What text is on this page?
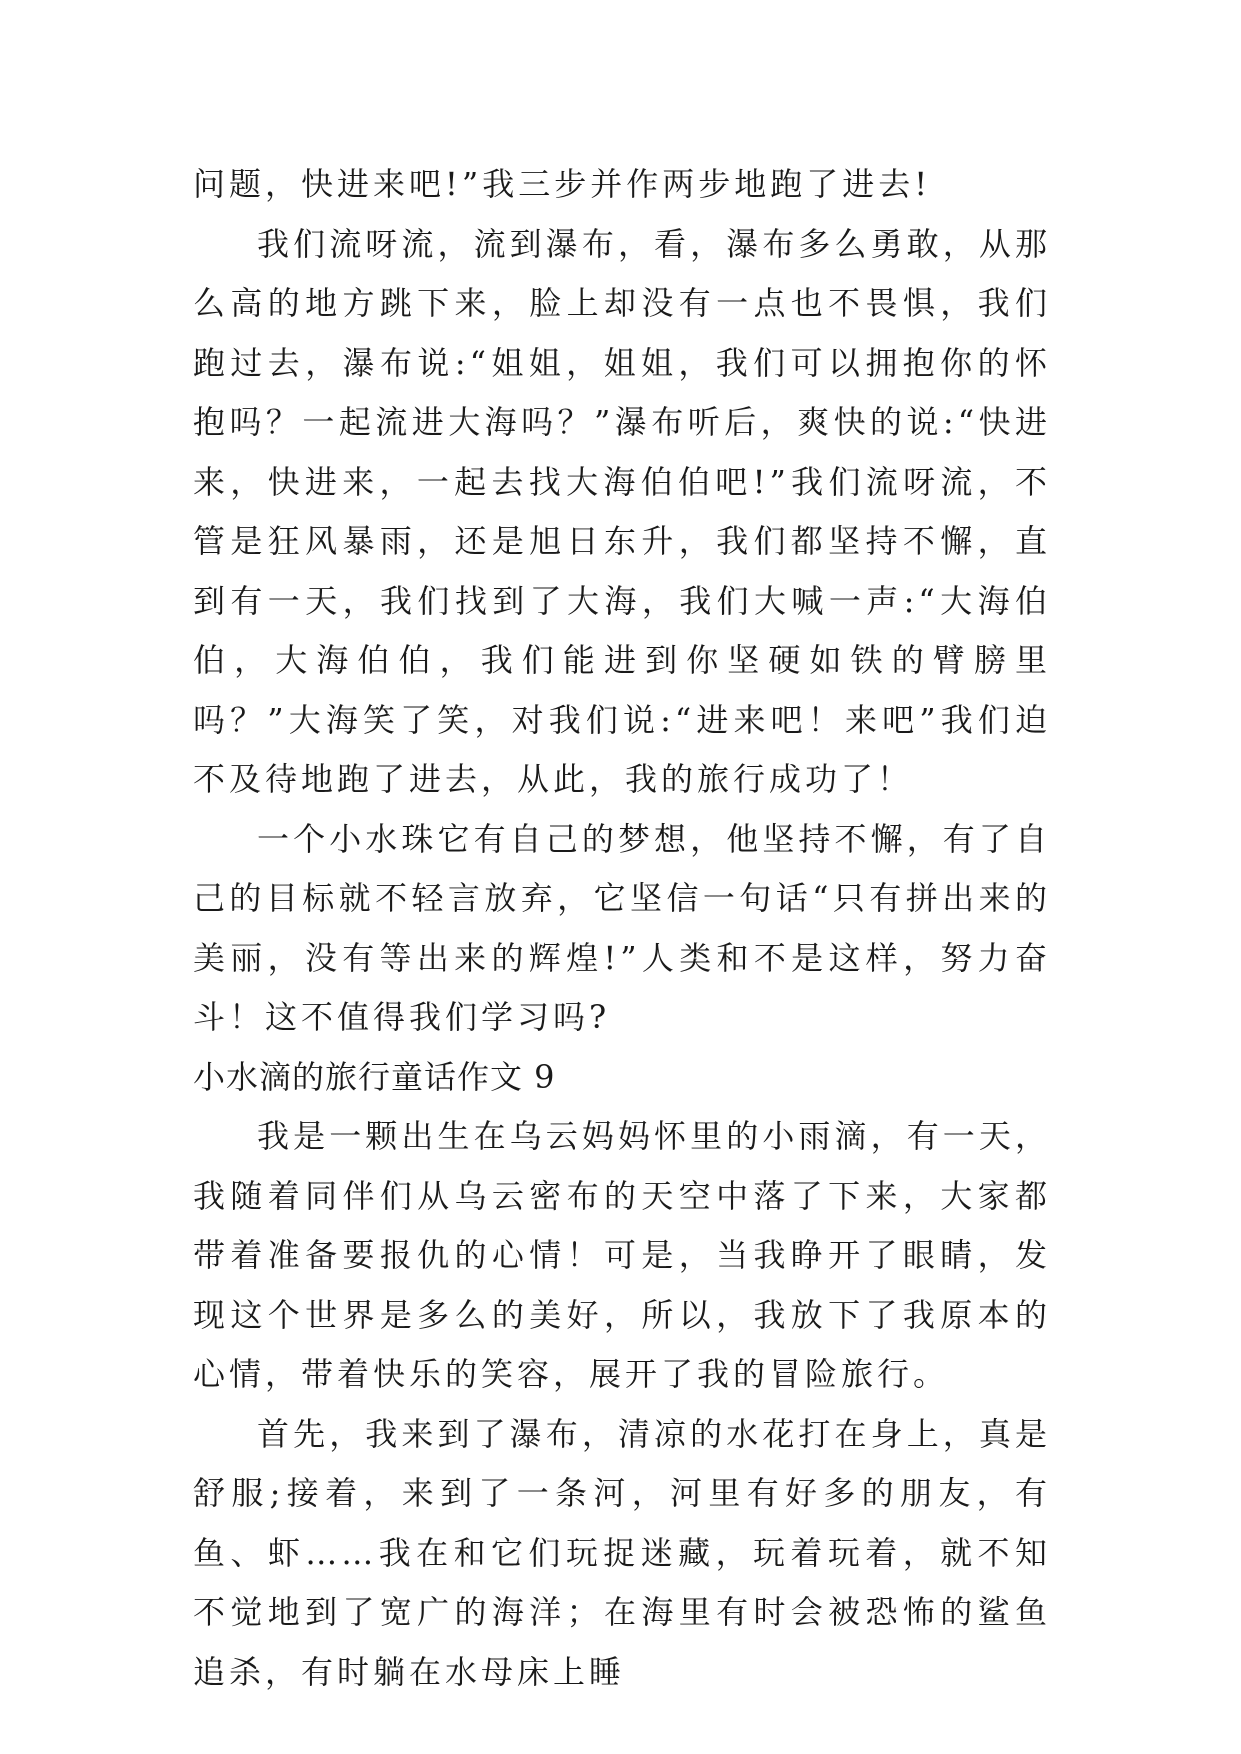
问题，快进来吧!”我三步并作两步地跑了进去!

我们流呀流，流到瀑布，看，瀑布多么勇敢，从那么高的地方跳下来，脸上却没有一点也不畏惧，我们跑过去，瀑布说:“姐姐，姐姐，我们可以拥抱你的怀抱吗？一起流进大海吗？”瀑布听后，爽快的说:“快进来，快进来，一起去找大海伯伯吧!”我们流呀流，不管是狂风暴雨，还是旭日东升，我们都坚持不懈，直到有一天，我们找到了大海，我们大喊一声:“大海伯伯，大海伯伯，我们能进到你坚硬如铁的臂膀里吗？”大海笑了笑，对我们说:“进来吧！来吧”我们迫不及待地跑了进去，从此，我的旅行成功了！

一个小水珠它有自己的梦想，他坚持不懈，有了自己的目标就不轻言放弃，它坚信一句话“只有拼出来的美丽，没有等出来的辉煌!”人类和不是这样，努力奋斗！这不值得我们学习吗?

小水滴的旅行童话作文 9

我是一颗出生在乌云妈妈怀里的小雨滴，有一天，我随着同伴们从乌云密布的天空中落了下来，大家都带着准备要报仇的心情！可是，当我睁开了眼睛，发现这个世界是多么的美好，所以，我放下了我原本的心情，带着快乐的笑容，展开了我的冒险旅行。

首先，我来到了瀑布，清凉的水花打在身上，真是舒服;接着，来到了一条河，河里有好多的朋友，有鱼、虾……我在和它们玩捉迷藏，玩着玩着，就不知不觉地到了宽广的海洋；在海里有时会被恐怖的鲨鱼追杀，有时躺在水母床上睡
